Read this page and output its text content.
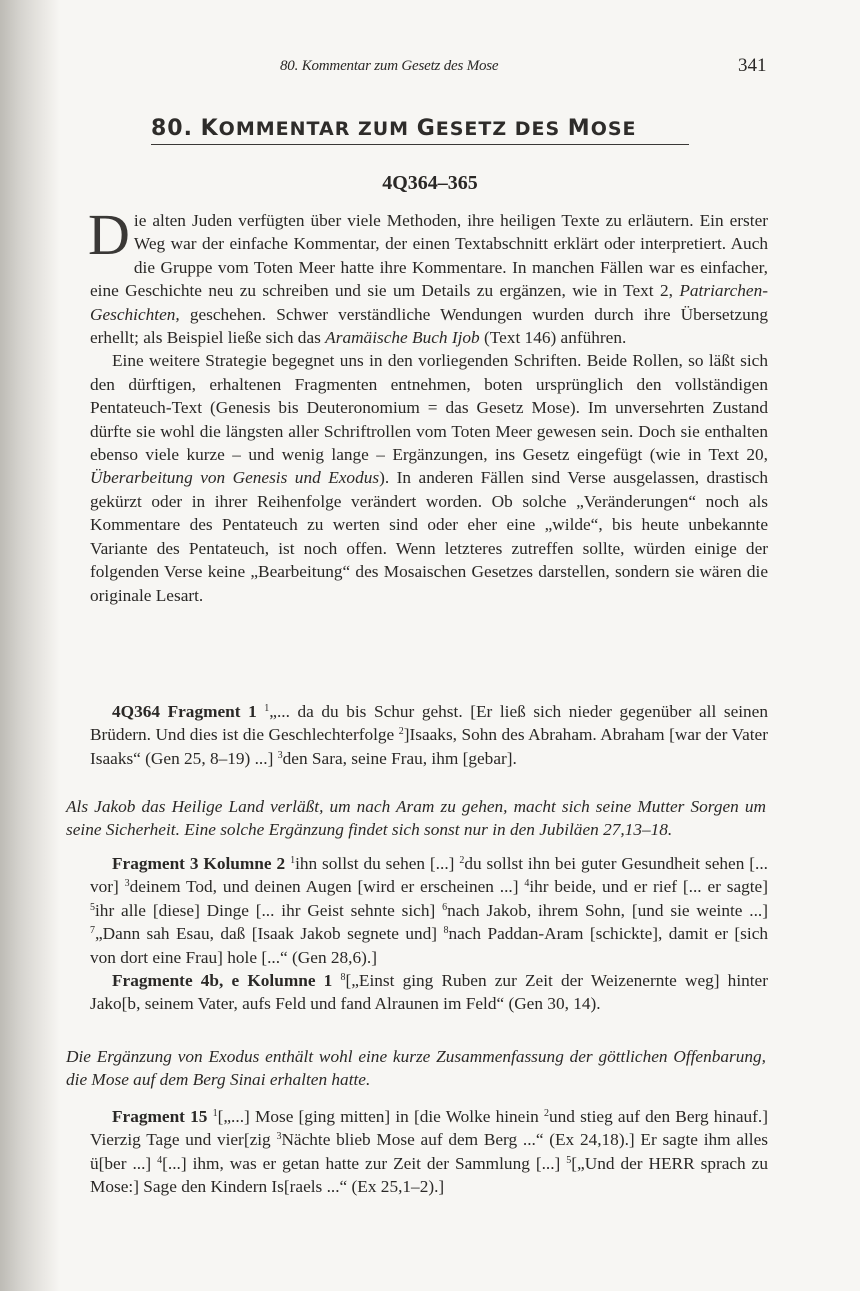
80. Kommentar zum Gesetz des Mose	341
80. KOMMENTAR ZUM GESETZ DES MOSE
4Q364–365

Die alten Juden verfügten über viele Methoden, ihre heiligen Texte zu erläutern. Ein erster Weg war der einfache Kommentar, der einen Textabschnitt erklärt oder interpretiert. Auch die Gruppe vom Toten Meer hatte ihre Kommentare. In manchen Fällen war es einfacher, eine Geschichte neu zu schreiben und sie um Details zu ergänzen, wie in Text 2, Patriarchen-Geschichten, geschehen. Schwer verständliche Wendungen wurden durch ihre Übersetzung erhellt; als Beispiel ließe sich das Aramäische Buch Ijob (Text 146) anführen.

Eine weitere Strategie begegnet uns in den vorliegenden Schriften. Beide Rollen, so läßt sich den dürftigen, erhaltenen Fragmenten entnehmen, boten ursprünglich den vollständigen Pentateuch-Text (Genesis bis Deuteronomium = das Gesetz Mose). Im unversehrten Zustand dürfte sie wohl die längsten aller Schriftrollen vom Toten Meer gewesen sein. Doch sie enthalten ebenso viele kurze – und wenig lange – Ergänzungen, ins Gesetz eingefügt (wie in Text 20, Überarbeitung von Genesis und Exodus). In anderen Fällen sind Verse ausgelassen, drastisch gekürzt oder in ihrer Reihenfolge verändert worden. Ob solche „Veränderungen“ noch als Kommentare des Pentateuch zu werten sind oder eher eine „wilde“, bis heute unbekannte Variante des Pentateuch, ist noch offen. Wenn letzteres zutreffen sollte, würden einige der folgenden Verse keine „Bearbeitung“ des Mosaischen Gesetzes darstellen, sondern sie wären die originale Lesart.

4Q364 Fragment 1 $^1$„... da du bis Schur gehst. [Er ließ sich nieder gegenüber all seinen Brüdern. Und dies ist die Geschlechterfolge $^2$]Isaaks, Sohn des Abraham. Abraham [war der Vater Isaaks“ (Gen 25, 8–19) ...] $^3$den Sara, seine Frau, ihm [gebar].

Als Jakob das Heilige Land verläßt, um nach Aram zu gehen, macht sich seine Mutter Sorgen um seine Sicherheit. Eine solche Ergänzung findet sich sonst nur in den Jubiläen 27,13–18.

Fragment 3 Kolumne 2 $^1$ihn sollst du sehen [...] $^2$du sollst ihn bei guter Gesundheit sehen [... vor] $^3$deinem Tod, und deinen Augen [wird er erscheinen ...] $^4$ihr beide, und er rief [... er sagte] $^5$ihr alle [diese] Dinge [... ihr Geist sehnte sich] $^6$nach Jakob, ihrem Sohn, [und sie weinte ...] $^7$„Dann sah Esau, daß [Isaak Jakob segnete und] $^8$nach Paddan-Aram [schickte], damit er [sich von dort eine Frau] hole [...“ (Gen 28,6).]

Fragmente 4b, e Kolumne 1 $^8$[„Einst ging Ruben zur Zeit der Weizenernte weg] hinter Jako[b, seinem Vater, aufs Feld und fand Alraunen im Feld“ (Gen 30, 14).

Die Ergänzung von Exodus enthält wohl eine kurze Zusammenfassung der göttlichen Offenbarung, die Mose auf dem Berg Sinai erhalten hatte.

Fragment 15 $^1$[„...] Mose [ging mitten] in [die Wolke hinein $^2$und stieg auf den Berg hinauf.] Vierzig Tage und vier[zig $^3$Nächte blieb Mose auf dem Berg ...“ (Ex 24,18).] Er sagte ihm alles ü[ber ...] $^4$[...] ihm, was er getan hatte zur Zeit der Sammlung [...] $^5$[„Und der HERR sprach zu Mose:] Sage den Kindern Is[raels ...“ (Ex 25,1–2).]
